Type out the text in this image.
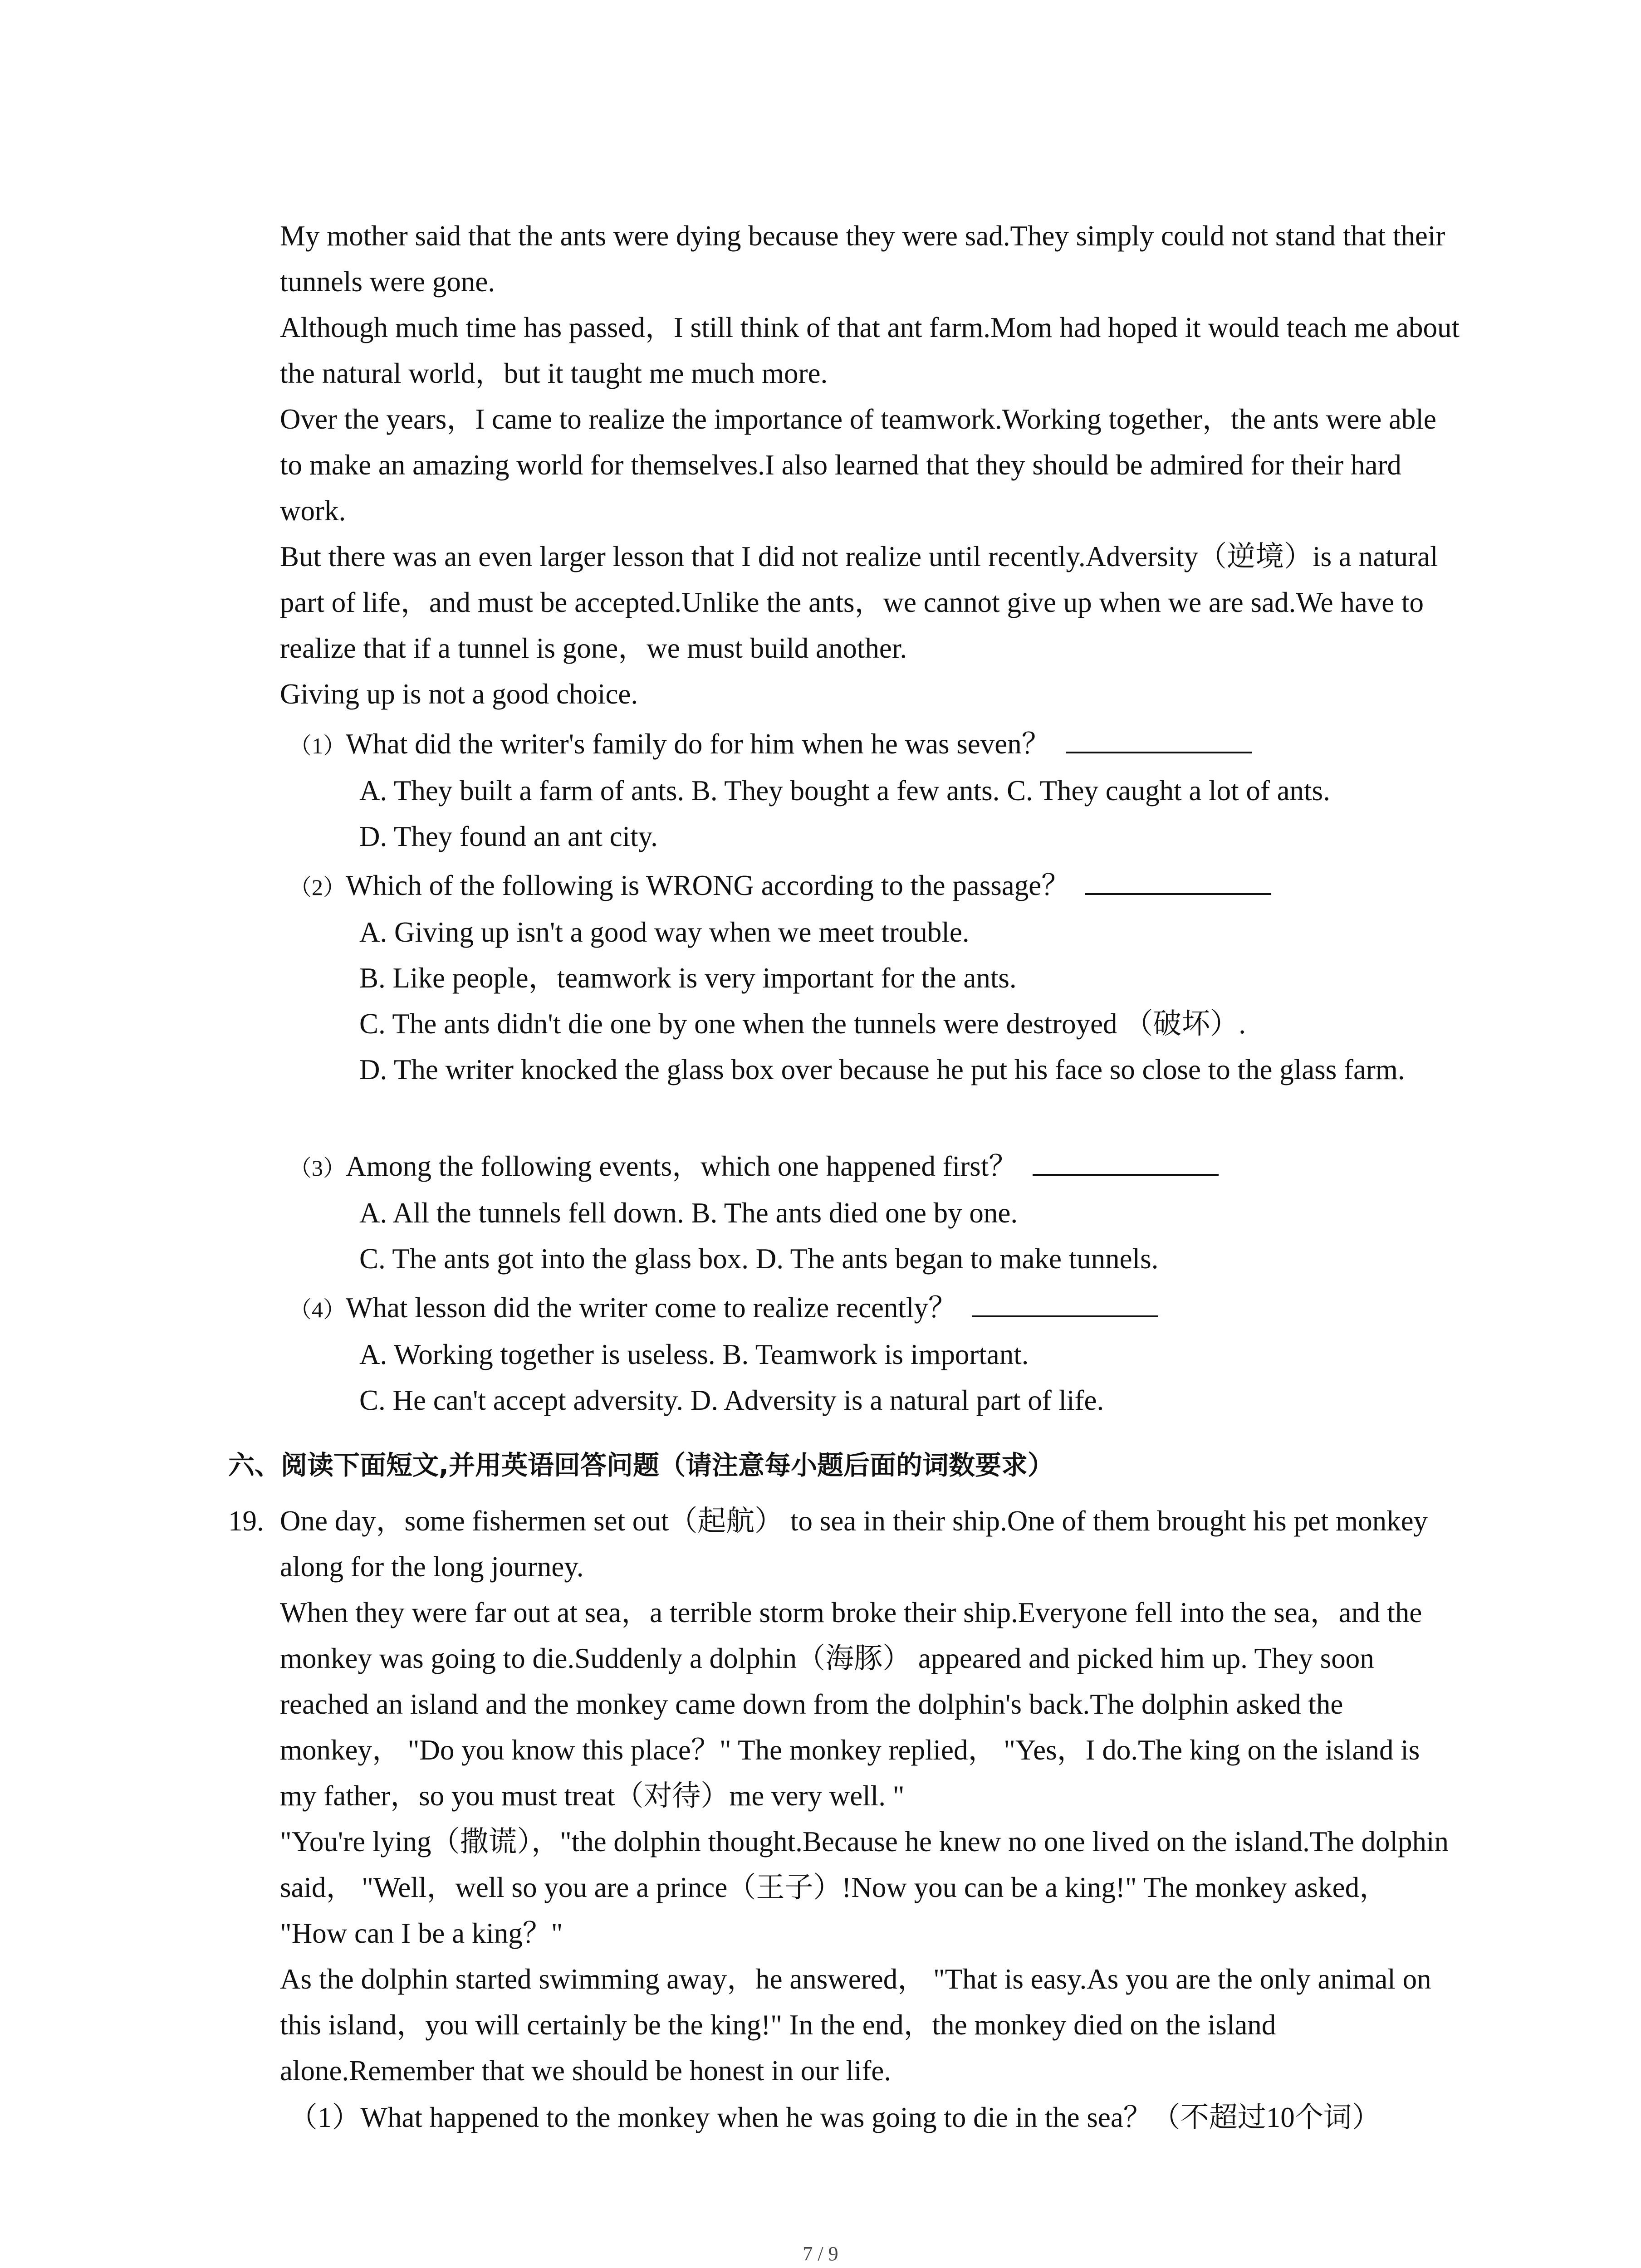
My mother said that the ants were dying because they were sad.They simply could not stand that their tunnels were gone.

Although much time has passed，I still think of that ant farm.Mom had hoped it would teach me about the natural world，but it taught me much more.

Over the years，I came to realize the importance of teamwork.Working together，the ants were able to make an amazing world for themselves.I also learned that they should be admired for their hard work.

But there was an even larger lesson that I did not realize until recently.Adversity（逆境）is a natural part of life，and must be accepted.Unlike the ants，we cannot give up when we are sad.We have to realize that if a tunnel is gone，we must build another.

Giving up is not a good choice.

（1）What did the writer's family do for him when he was seven？
A. They built a farm of ants. B. They bought a few ants. C. They caught a lot of ants.
D. They found an ant city.
（2）Which of the following is WRONG according to the passage？
A. Giving up isn't a good way when we meet trouble.
B. Like people，teamwork is very important for the ants.
C. The ants didn't die one by one when the tunnels were destroyed （破坏）.
D. The writer knocked the glass box over because he put his face so close to the glass farm.
（3）Among the following events，which one happened first？
A. All the tunnels fell down. B. The ants died one by one.
C. The ants got into the glass box. D. The ants began to make tunnels.
（4）What lesson did the writer come to realize recently？
A. Working together is useless. B. Teamwork is important.
C. He can't accept adversity. D. Adversity is a natural part of life.
六、阅读下面短文,并用英语回答问题（请注意每小题后面的词数要求）
19. One day，some fishermen set out（起航） to sea in their ship.One of them brought his pet monkey along for the long journey.

When they were far out at sea，a terrible storm broke their ship.Everyone fell into the sea，and the monkey was going to die.Suddenly a dolphin（海豚） appeared and picked him up. They soon reached an island and the monkey came down from the dolphin's back.The dolphin asked the monkey， "Do you know this place？" The monkey replied， "Yes，I do.The king on the island is my father，so you must treat（对待）me very well. "

"You're lying（撒谎），"the dolphin thought.Because he knew no one lived on the island.The dolphin said， "Well，well so you are a prince（王子）!Now you can be a king!" The monkey asked， "How can I be a king？"

As the dolphin started swimming away，he answered， "That is easy.As you are the only animal on this island，you will certainly be the king!" In the end，the monkey died on the island alone.Remember that we should be honest in our life.

（1）What happened to the monkey when he was going to die in the sea？（不超过10个词）
7 / 9
